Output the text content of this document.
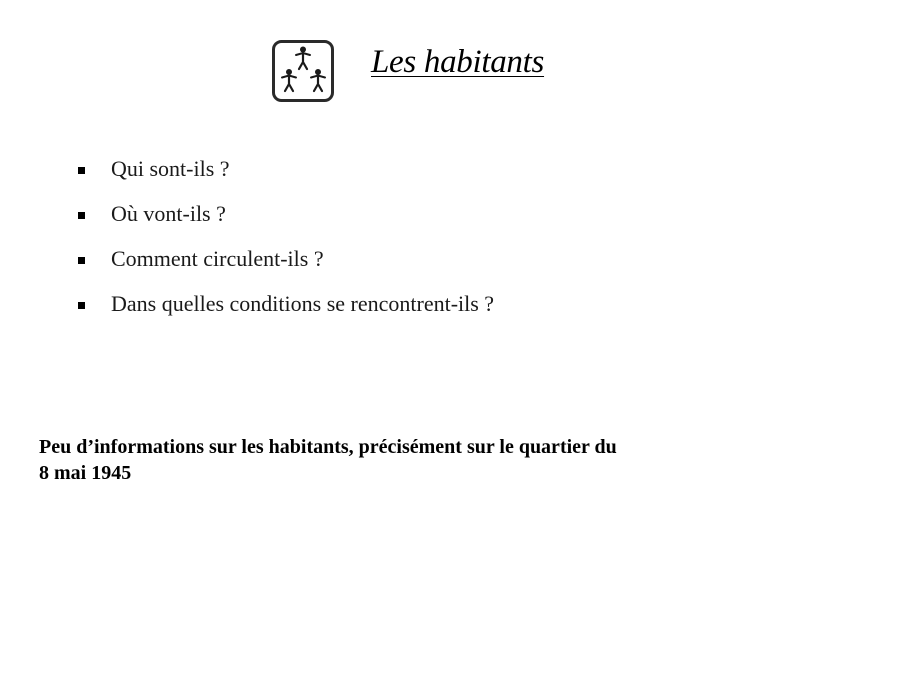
Les habitants
Qui sont-ils ?
Où vont-ils ?
Comment circulent-ils ?
Dans quelles conditions se rencontrent-ils ?
Peu d’informations sur les habitants, précisément sur le quartier du
8 mai 1945
